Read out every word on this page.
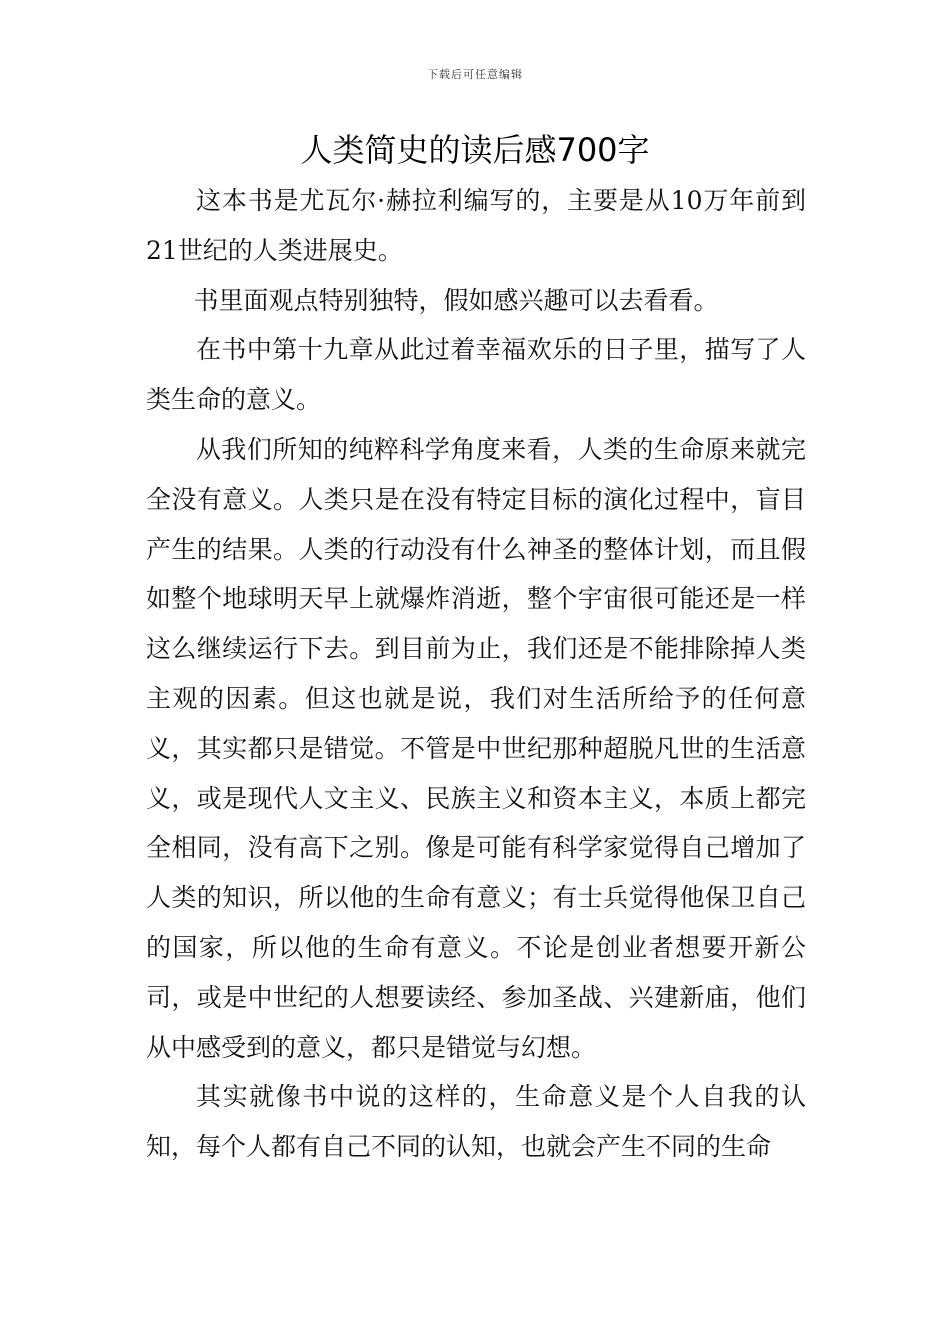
下载后可任意编辑
人类简史的读后感700字

这本书是尤瓦尔·赫拉利编写的，主要是从10万年前到21世纪的人类进展史。

书里面观点特别独特，假如感兴趣可以去看看。

在书中第十九章从此过着幸福欢乐的日子里，描写了人类生命的意义。

从我们所知的纯粹科学角度来看，人类的生命原来就完全没有意义。人类只是在没有特定目标的演化过程中，盲目产生的结果。人类的行动没有什么神圣的整体计划，而且假如整个地球明天早上就爆炸消逝，整个宇宙很可能还是一样这么继续运行下去。到目前为止，我们还是不能排除掉人类主观的因素。但这也就是说，我们对生活所给予的任何意义，其实都只是错觉。不管是中世纪那种超脱凡世的生活意义，或是现代人文主义、民族主义和资本主义，本质上都完全相同，没有高下之别。像是可能有科学家觉得自己增加了人类的知识，所以他的生命有意义；有士兵觉得他保卫自己的国家，所以他的生命有意义。不论是创业者想要开新公司，或是中世纪的人想要读经、参加圣战、兴建新庙，他们从中感受到的意义，都只是错觉与幻想。

其实就像书中说的这样的，生命意义是个人自我的认知，每个人都有自己不同的认知，也就会产生不同的生命
